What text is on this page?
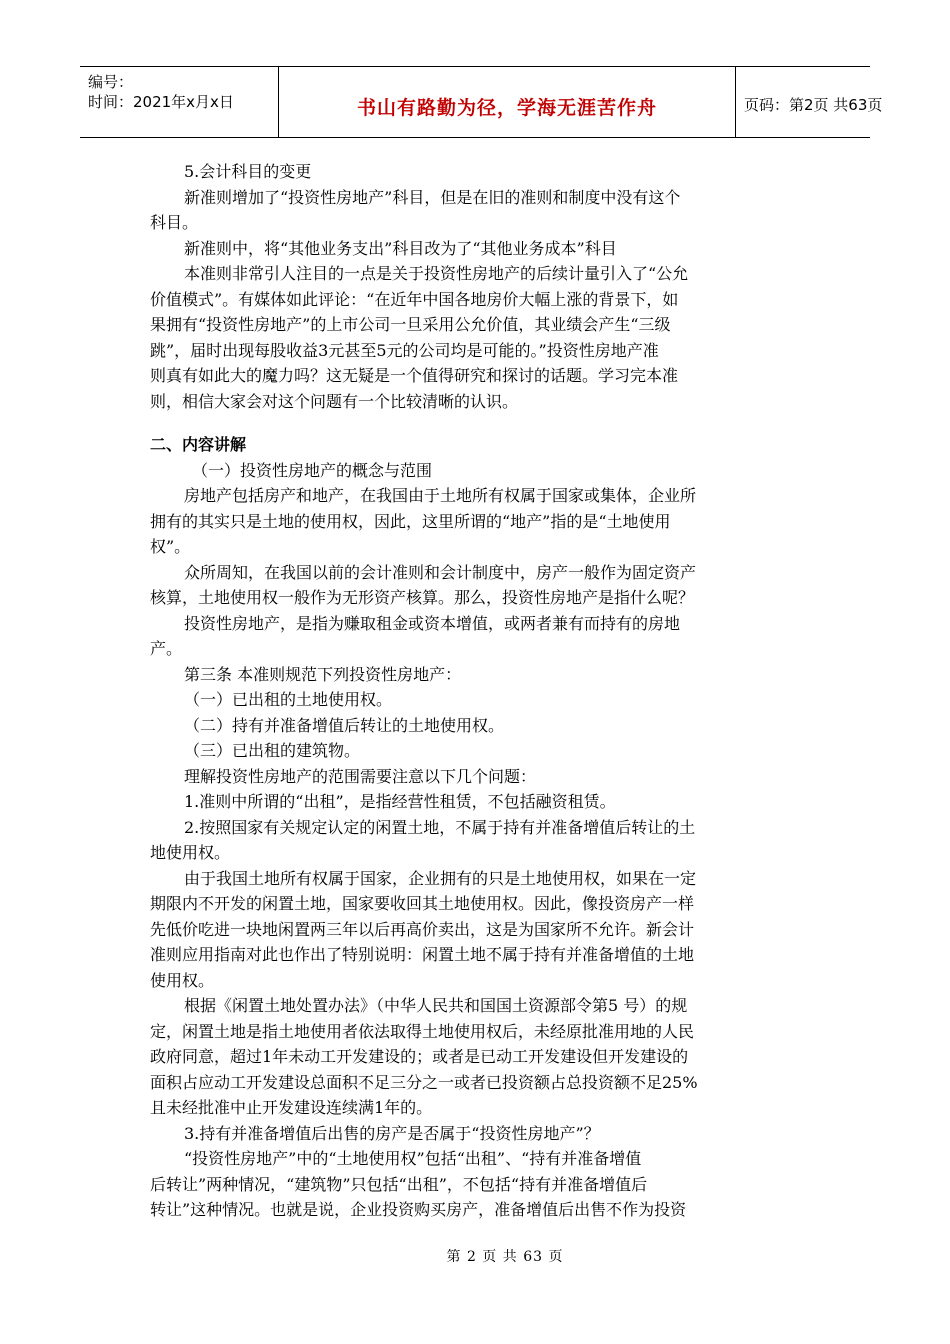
编号：
时间：2021年x月x日	书山有路勤为径，学海无涯苦作舟	页码：第2页 共63页
5.会计科目的变更
新准则增加了“投资性房地产”科目，但是在旧的准则和制度中没有这个
科目。
新准则中，将“其他业务支出”科目改为了“其他业务成本”科目
本准则非常引人注目的一点是关于投资性房地产的后续计量引入了“公允
价值模式”。有媒体如此评论：“在近年中国各地房价大幅上涨的背景下，如
果拥有“投资性房地产”的上市公司一旦采用公允价值，其业绩会产生“三级
跳”，届时出现每股收益3元甚至5元的公司均是可能的。”投资性房地产准
则真有如此大的魔力吗？这无疑是一个值得研究和探讨的话题。学习完本准
则，相信大家会对这个问题有一个比较清晰的认识。
二、内容讲解
（一）投资性房地产的概念与范围
房地产包括房产和地产，在我国由于土地所有权属于国家或集体，企业所
拥有的其实只是土地的使用权，因此，这里所谓的“地产”指的是“土地使用
权”。
众所周知，在我国以前的会计准则和会计制度中，房产一般作为固定资产
核算，土地使用权一般作为无形资产核算。那么，投资性房地产是指什么呢？
投资性房地产，是指为赚取租金或资本增值，或两者兼有而持有的房地
产。
第三条 本准则规范下列投资性房地产：
（一）已出租的土地使用权。
（二）持有并准备增值后转让的土地使用权。
（三）已出租的建筑物。
理解投资性房地产的范围需要注意以下几个问题：
1.准则中所谓的“出租”，是指经营性租赁，不包括融资租赁。
2.按照国家有关规定认定的闲置土地，不属于持有并准备增值后转让的土
地使用权。
由于我国土地所有权属于国家，企业拥有的只是土地使用权，如果在一定
期限内不开发的闲置土地，国家要收回其土地使用权。因此，像投资房产一样
先低价吃进一块地闲置两三年以后再高价卖出，这是为国家所不允许。新会计
准则应用指南对此也作出了特别说明：闲置土地不属于持有并准备增值的土地
使用权。
根据《闲置土地处置办法》（中华人民共和国国土资源部令第5 号）的规
定，闲置土地是指土地使用者依法取得土地使用权后，未经原批准用地的人民
政府同意，超过1年未动工开发建设的；或者是已动工开发建设但开发建设的
面积占应动工开发建设总面积不足三分之一或者已投资额占总投资额不足25%
且未经批准中止开发建设连续满1年的。
3.持有并准备增值后出售的房产是否属于“投资性房地产”？
“投资性房地产”中的“土地使用权”包括“出租”、“持有并准备增值
后转让”两种情况，“建筑物”只包括“出租”，不包括“持有并准备增值后
转让”这种情况。也就是说，企业投资购买房产，准备增值后出售不作为投资
第 2 页 共 63 页
